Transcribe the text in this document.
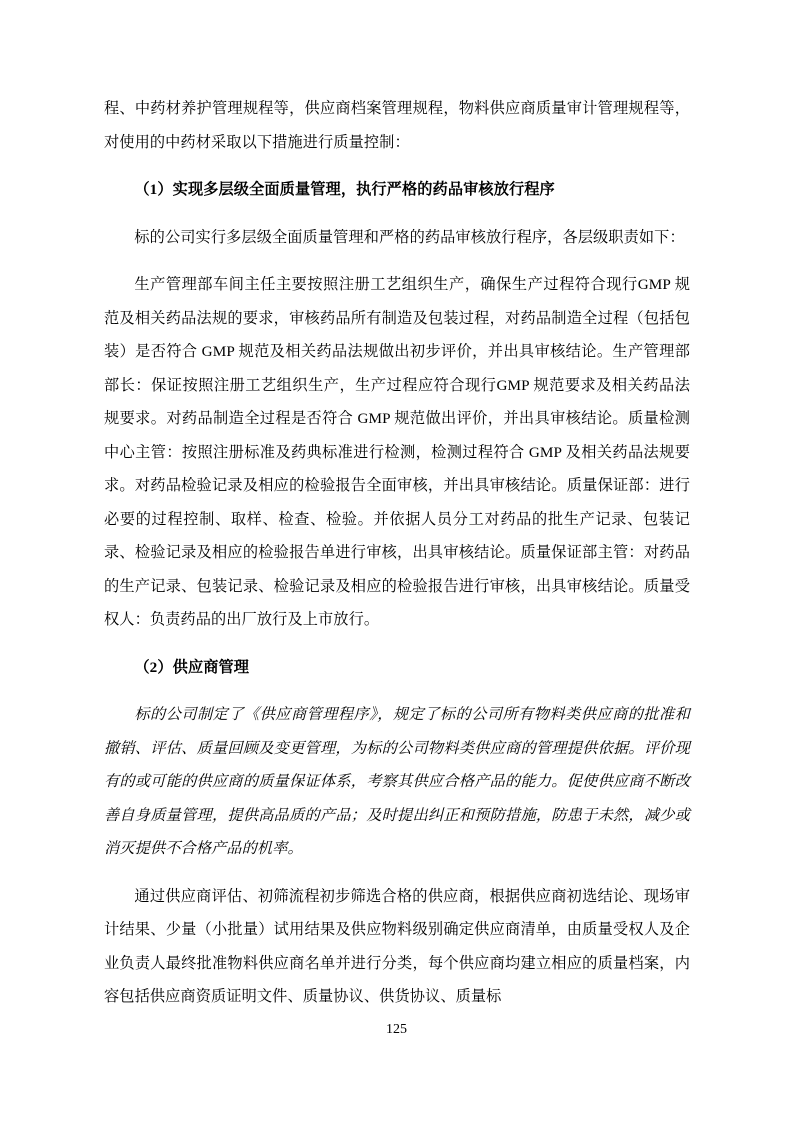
程、中药材养护管理规程等，供应商档案管理规程，物料供应商质量审计管理规程等，对使用的中药材采取以下措施进行质量控制：

（1）实现多层级全面质量管理，执行严格的药品审核放行程序

标的公司实行多层级全面质量管理和严格的药品审核放行程序，各层级职责如下：

生产管理部车间主任主要按照注册工艺组织生产，确保生产过程符合现行GMP 规范及相关药品法规的要求，审核药品所有制造及包装过程，对药品制造全过程（包括包装）是否符合 GMP 规范及相关药品法规做出初步评价，并出具审核结论。生产管理部部长：保证按照注册工艺组织生产，生产过程应符合现行GMP 规范要求及相关药品法规要求。对药品制造全过程是否符合 GMP 规范做出评价，并出具审核结论。质量检测中心主管：按照注册标准及药典标准进行检测，检测过程符合 GMP 及相关药品法规要求。对药品检验记录及相应的检验报告全面审核，并出具审核结论。质量保证部：进行必要的过程控制、取样、检查、检验。并依据人员分工对药品的批生产记录、包装记录、检验记录及相应的检验报告单进行审核，出具审核结论。质量保证部主管：对药品的生产记录、包装记录、检验记录及相应的检验报告进行审核，出具审核结论。质量受权人：负责药品的出厂放行及上市放行。

（2）供应商管理

标的公司制定了《供应商管理程序》，规定了标的公司所有物料类供应商的批准和撤销、评估、质量回顾及变更管理，为标的公司物料类供应商的管理提供依据。评价现有的或可能的供应商的质量保证体系，考察其供应合格产品的能力。促使供应商不断改善自身质量管理，提供高品质的产品；及时提出纠正和预防措施，防患于未然，减少或消灭提供不合格产品的机率。

通过供应商评估、初筛流程初步筛选合格的供应商，根据供应商初选结论、现场审计结果、少量（小批量）试用结果及供应物料级别确定供应商清单，由质量受权人及企业负责人最终批准物料供应商名单并进行分类，每个供应商均建立相应的质量档案，内容包括供应商资质证明文件、质量协议、供货协议、质量标

125
